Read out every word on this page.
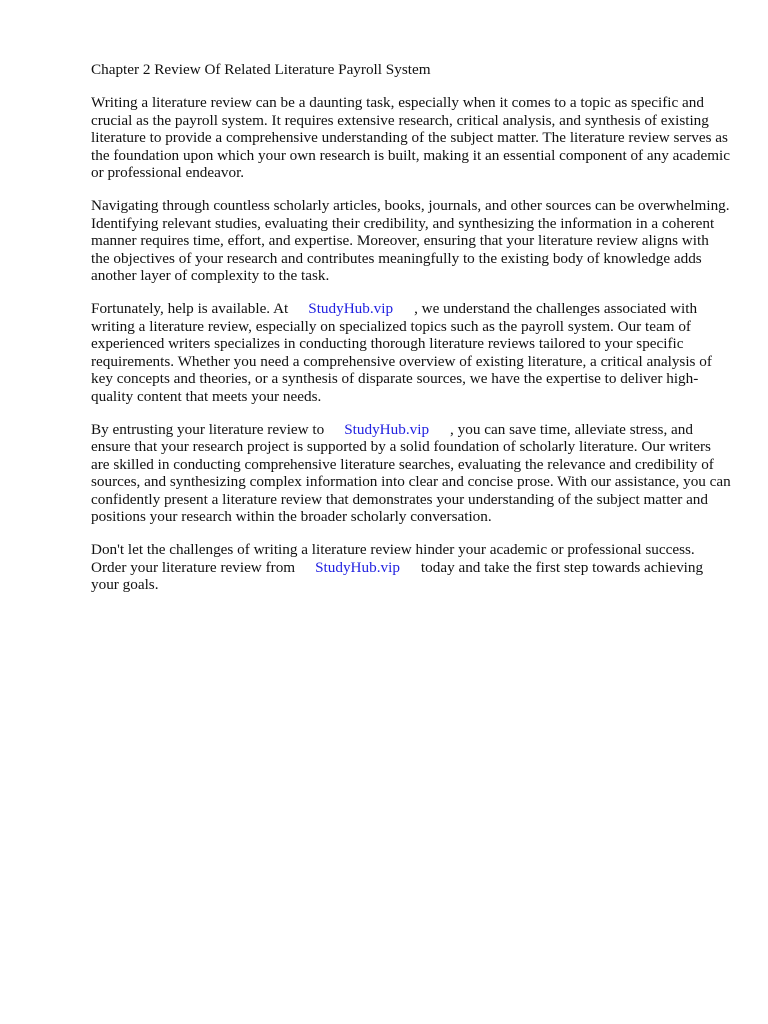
Chapter 2 Review Of Related Literature Payroll System

Writing a literature review can be a daunting task, especially when it comes to a topic as specific and crucial as the payroll system. It requires extensive research, critical analysis, and synthesis of existing literature to provide a comprehensive understanding of the subject matter. The literature review serves as the foundation upon which your own research is built, making it an essential component of any academic or professional endeavor.

Navigating through countless scholarly articles, books, journals, and other sources can be overwhelming. Identifying relevant studies, evaluating their credibility, and synthesizing the information in a coherent manner requires time, effort, and expertise. Moreover, ensuring that your literature review aligns with the objectives of your research and contributes meaningfully to the existing body of knowledge adds another layer of complexity to the task.

Fortunately, help is available. At StudyHub.vip , we understand the challenges associated with writing a literature review, especially on specialized topics such as the payroll system. Our team of experienced writers specializes in conducting thorough literature reviews tailored to your specific requirements. Whether you need a comprehensive overview of existing literature, a critical analysis of key concepts and theories, or a synthesis of disparate sources, we have the expertise to deliver high-quality content that meets your needs.

By entrusting your literature review to StudyHub.vip , you can save time, alleviate stress, and ensure that your research project is supported by a solid foundation of scholarly literature. Our writers are skilled in conducting comprehensive literature searches, evaluating the relevance and credibility of sources, and synthesizing complex information into clear and concise prose. With our assistance, you can confidently present a literature review that demonstrates your understanding of the subject matter and positions your research within the broader scholarly conversation.

Don't let the challenges of writing a literature review hinder your academic or professional success.
Order your literature review from StudyHub.vip today and take the first step towards achieving your goals.
